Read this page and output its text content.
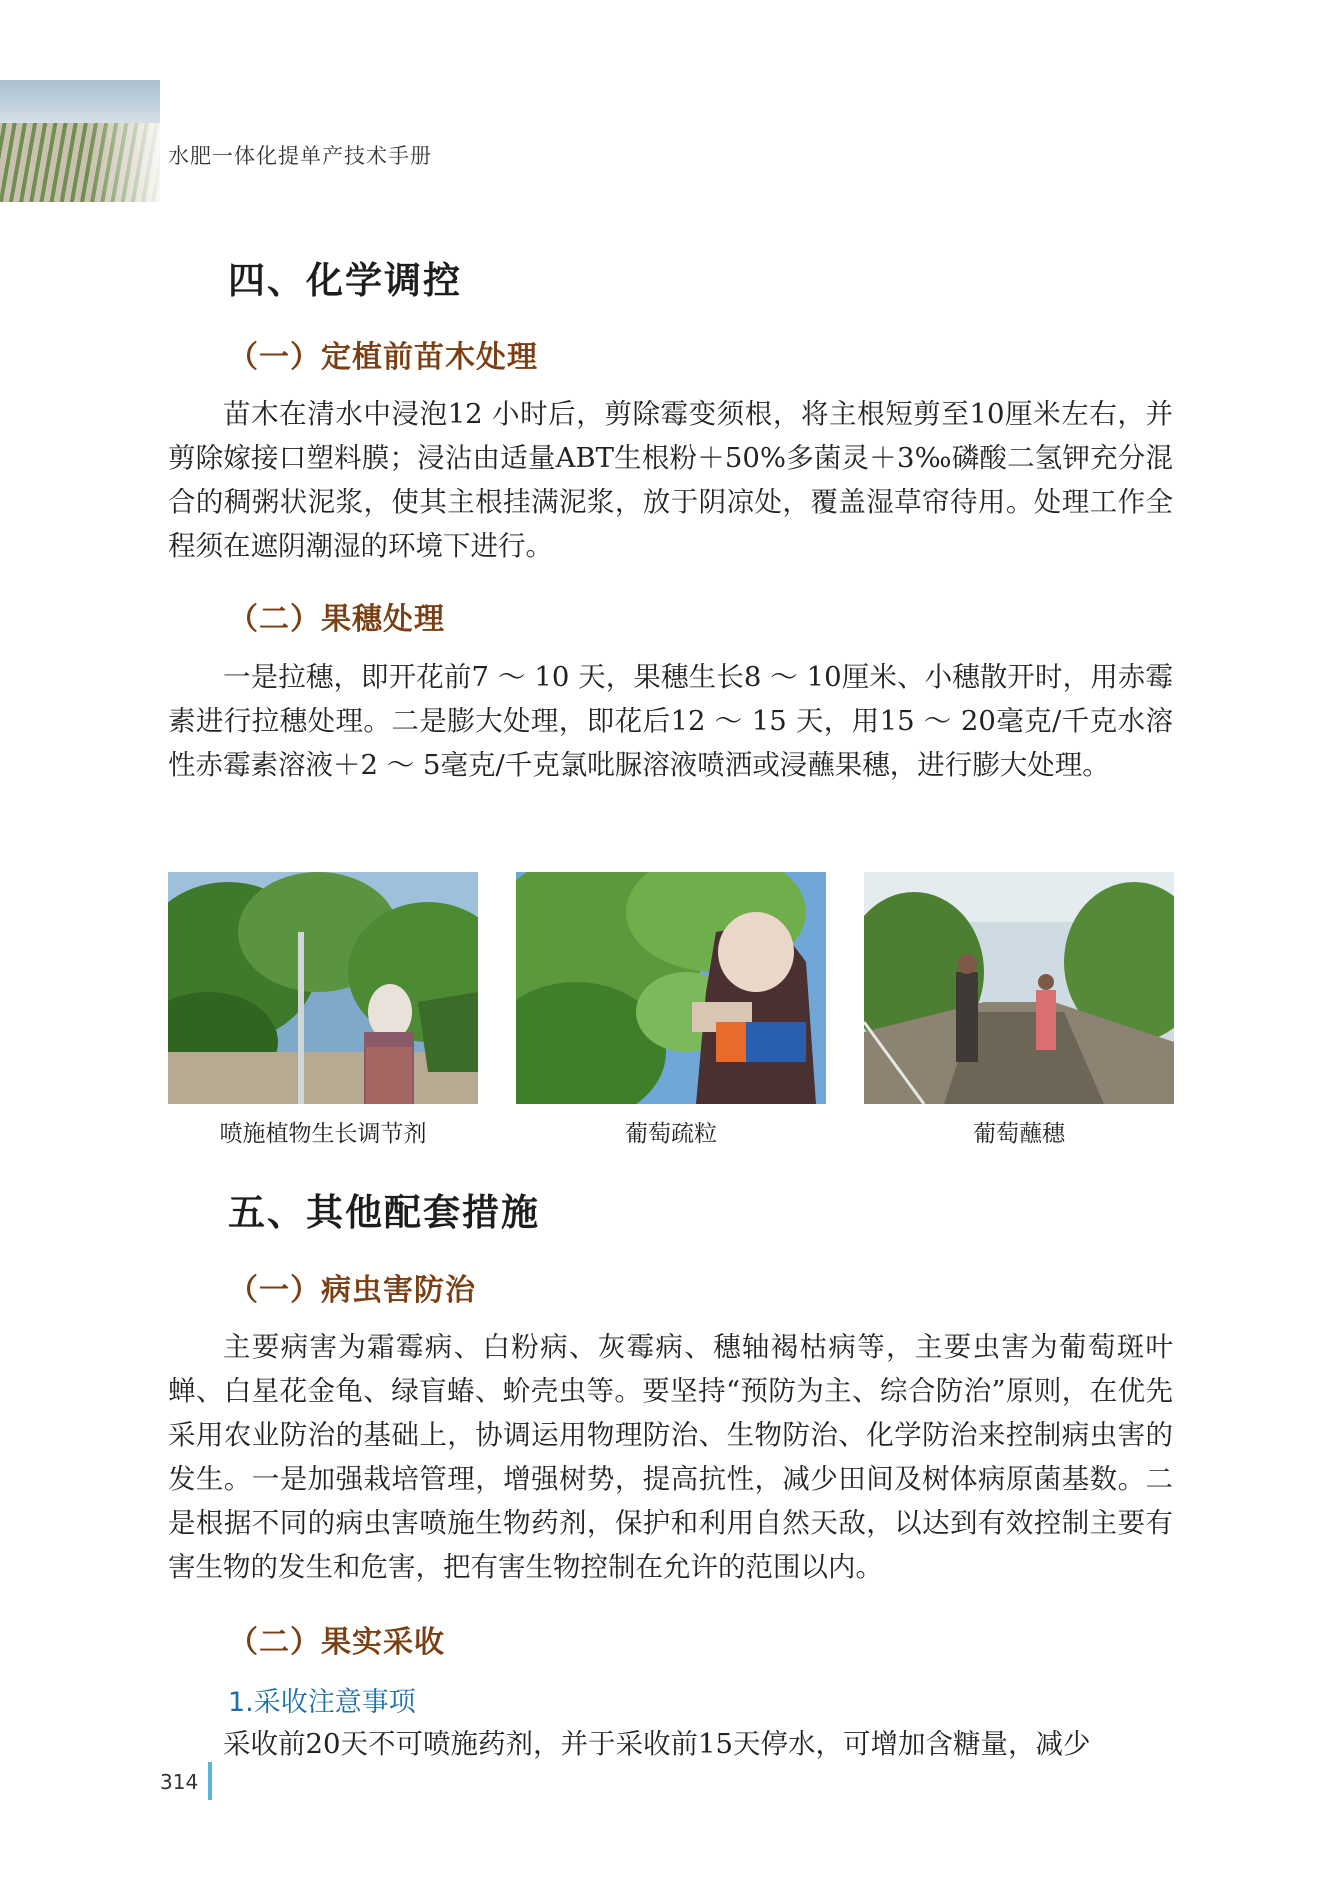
水肥一体化提单产技术手册
四、化学调控
（一）定植前苗木处理

苗木在清水中浸泡12 小时后，剪除霉变须根，将主根短剪至10厘米左右，并剪除嫁接口塑料膜；浸沾由适量ABT生根粉＋50%多菌灵＋3‰磷酸二氢钾充分混合的稠粥状泥浆，使其主根挂满泥浆，放于阴凉处，覆盖湿草帘待用。处理工作全程须在遮阴潮湿的环境下进行。

（二）果穗处理

一是拉穗，即开花前7 ～ 10 天，果穗生长8 ～ 10厘米、小穗散开时，用赤霉素进行拉穗处理。二是膨大处理，即花后12 ～ 15 天，用15 ～ 20毫克/千克水溶性赤霉素溶液＋2 ～ 5毫克/千克氯吡脲溶液喷洒或浸蘸果穗，进行膨大处理。

喷施植物生长调节剂	葡萄疏粒	葡萄蘸穗
五、其他配套措施
（一）病虫害防治

主要病害为霜霉病、白粉病、灰霉病、穗轴褐枯病等，主要虫害为葡萄斑叶蝉、白星花金龟、绿盲蝽、蚧壳虫等。要坚持“预防为主、综合防治”原则，在优先采用农业防治的基础上，协调运用物理防治、生物防治、化学防治来控制病虫害的发生。一是加强栽培管理，增强树势，提高抗性，减少田间及树体病原菌基数。二是根据不同的病虫害喷施生物药剂，保护和利用自然天敌，以达到有效控制主要有害生物的发生和危害，把有害生物控制在允许的范围以内。

（二）果实采收
1.采收注意事项

采收前20天不可喷施药剂，并于采收前15天停水，可增加含糖量，减少

314
